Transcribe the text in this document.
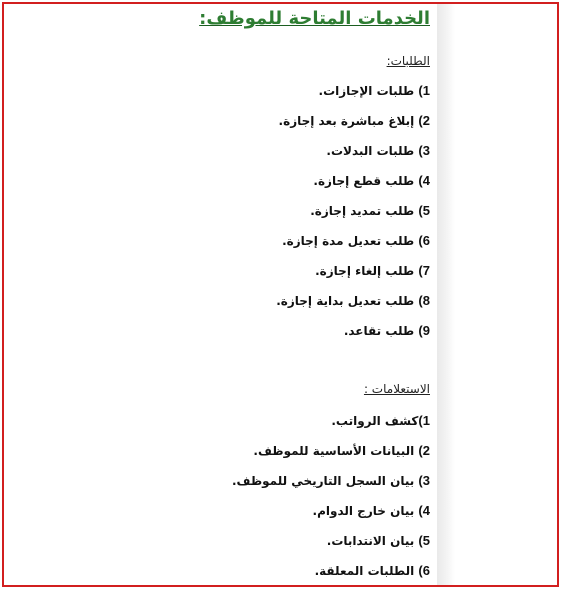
الخدمات المتاحة للموظف:
الطلبات:

1) طلبات الإجازات.

2) إبلاغ مباشرة بعد إجازة.

3) طلبات البدلات.

4) طلب قطع إجازة.

5) طلب تمديد إجازة.

6) طلب تعديل مدة إجازة.

7) طلب إلغاء إجازة.

8) طلب تعديل بداية إجازة.

9) طلب تقاعد.

الاستعلامات :

1)كشف الرواتب.

2) البيانات الأساسية للموظف.

3) بيان السجل التاريخي للموظف.

4) بيان خارج الدوام.

5) بيان الانتدابات.

6) الطلبات المعلقة.
